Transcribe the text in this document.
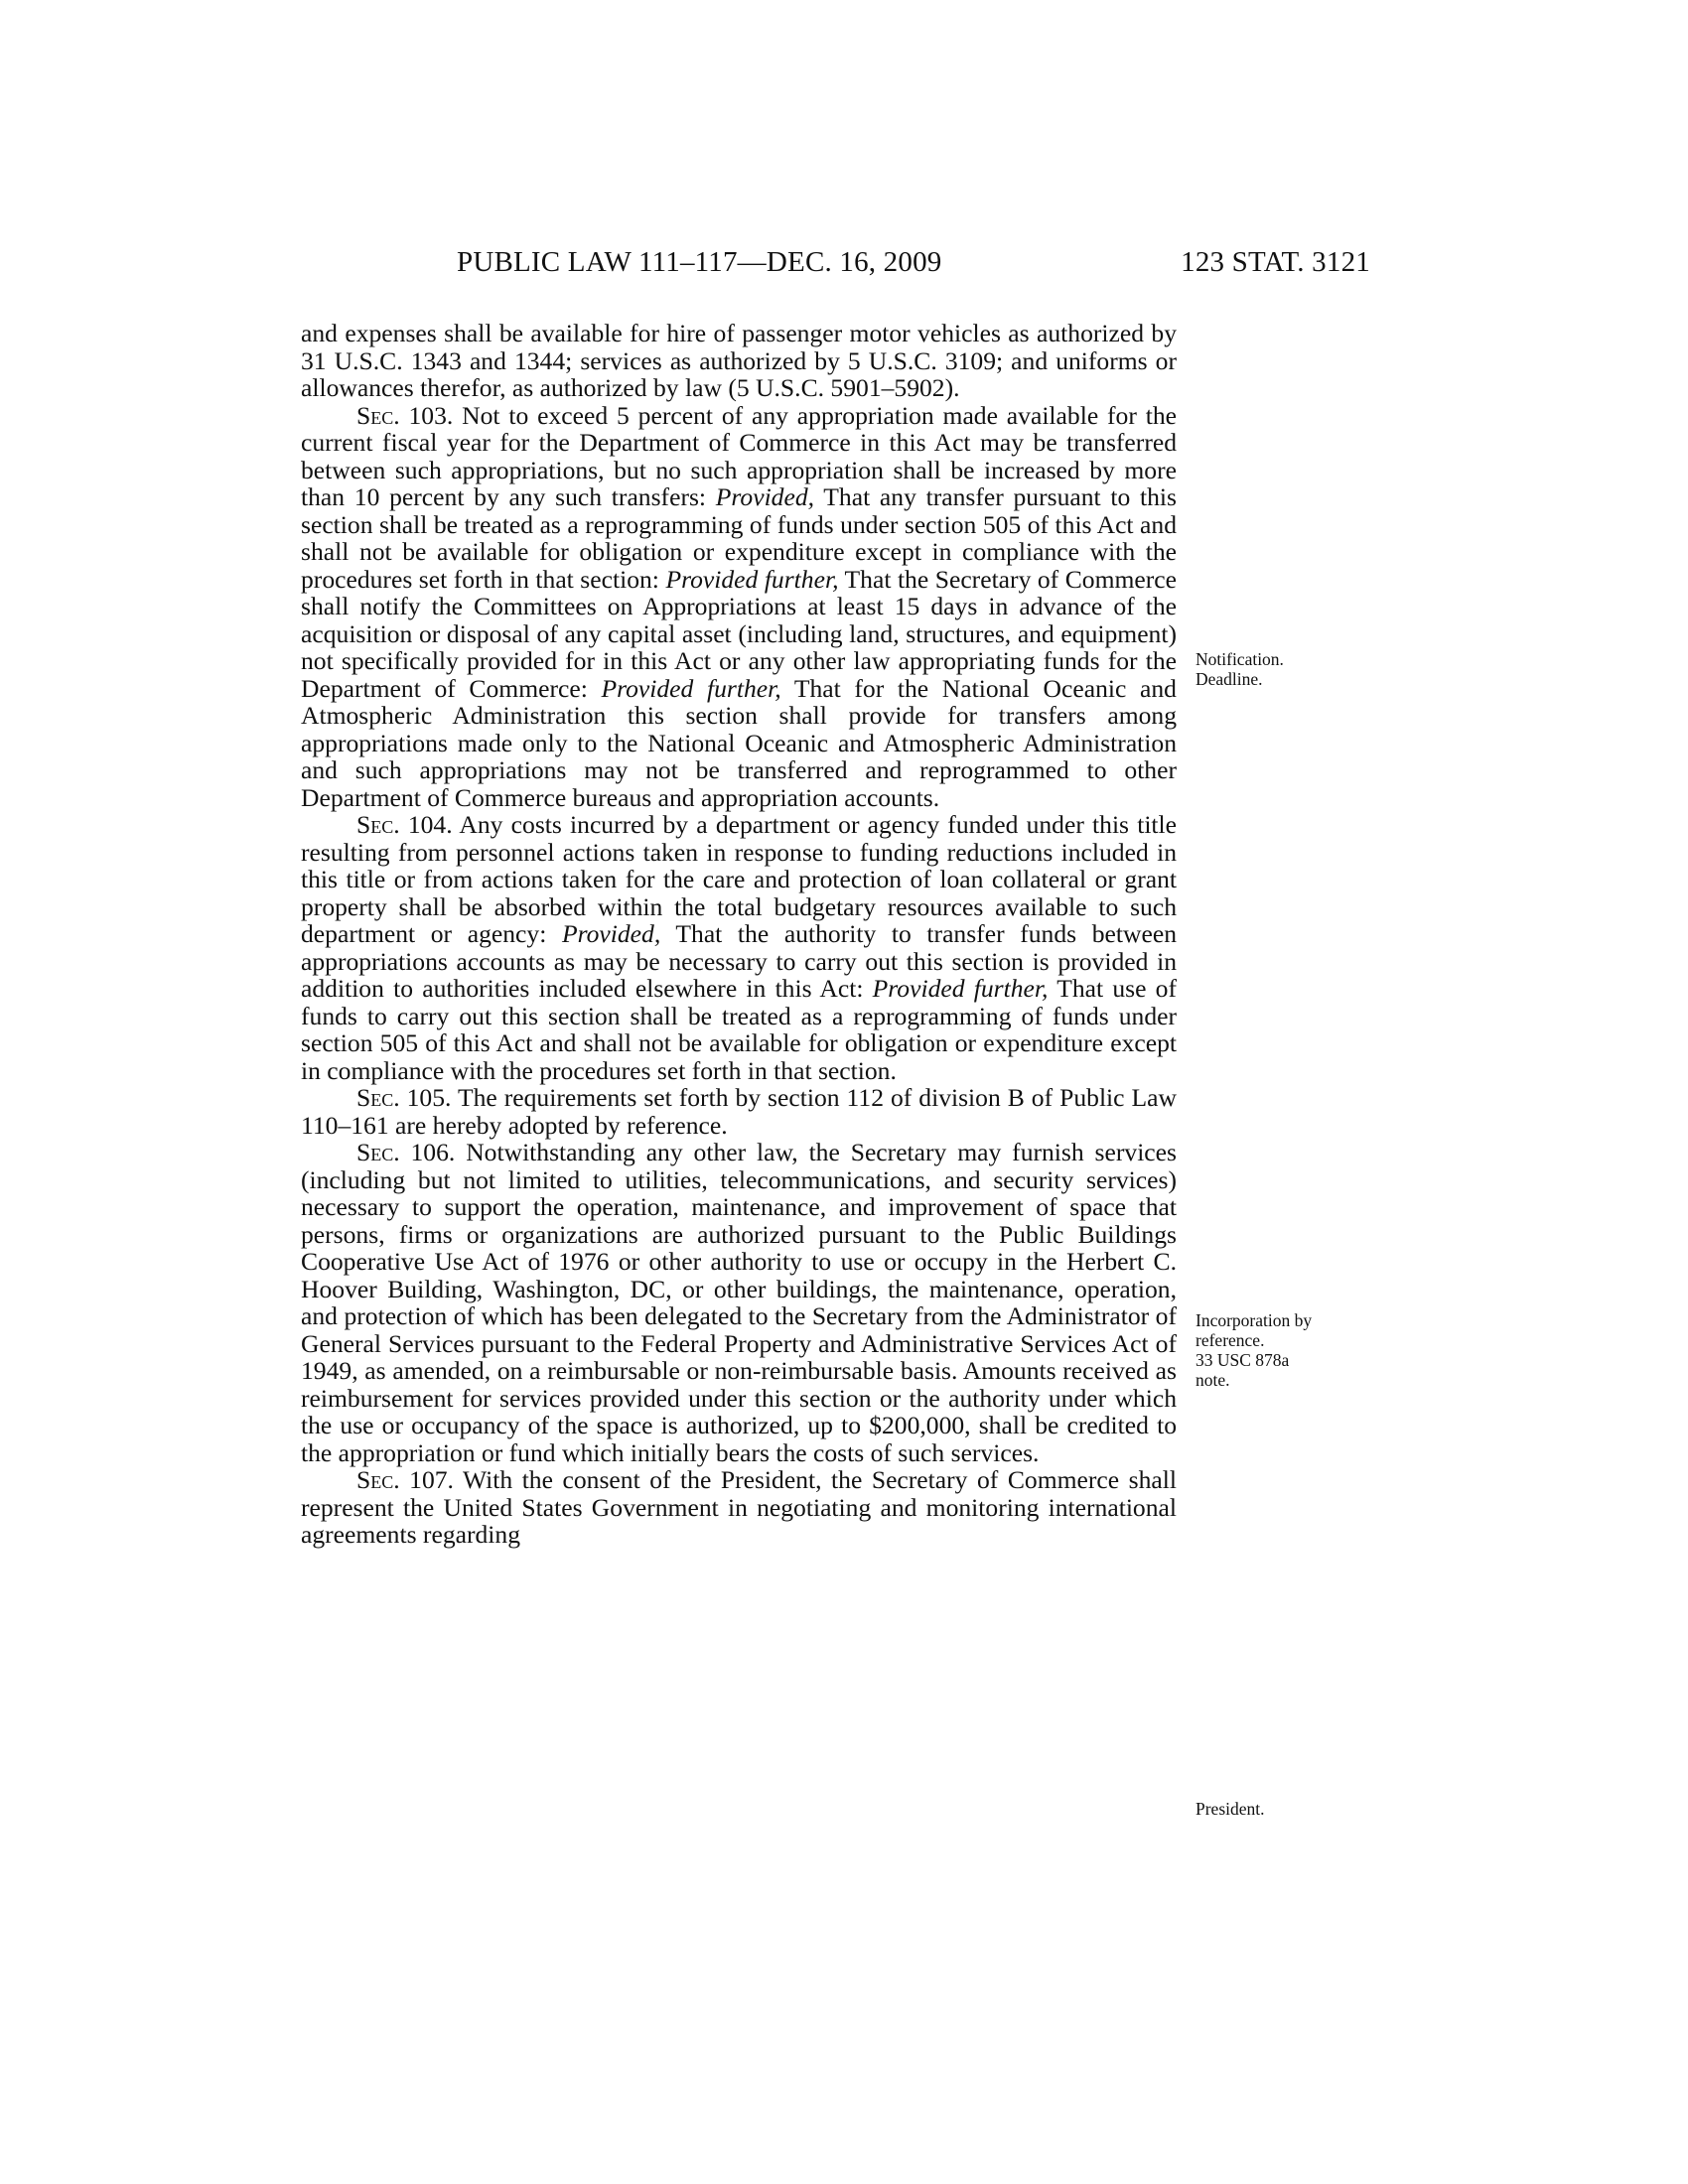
PUBLIC LAW 111–117—DEC. 16, 2009	123 STAT. 3121

and expenses shall be available for hire of passenger motor vehicles as authorized by 31 U.S.C. 1343 and 1344; services as authorized by 5 U.S.C. 3109; and uniforms or allowances therefor, as authorized by law (5 U.S.C. 5901–5902).

Sec. 103. Not to exceed 5 percent of any appropriation made available for the current fiscal year for the Department of Commerce in this Act may be transferred between such appropriations, but no such appropriation shall be increased by more than 10 percent by any such transfers: Provided, That any transfer pursuant to this section shall be treated as a reprogramming of funds under section 505 of this Act and shall not be available for obligation or expenditure except in compliance with the procedures set forth in that section: Provided further, That the Secretary of Commerce shall notify the Committees on Appropriations at least 15 days in advance of the acquisition or disposal of any capital asset (including land, structures, and equipment) not specifically provided for in this Act or any other law appropriating funds for the Department of Commerce: Provided further, That for the National Oceanic and Atmospheric Administration this section shall provide for transfers among appropriations made only to the National Oceanic and Atmospheric Administration and such appropriations may not be transferred and reprogrammed to other Department of Commerce bureaus and appropriation accounts.

Sec. 104. Any costs incurred by a department or agency funded under this title resulting from personnel actions taken in response to funding reductions included in this title or from actions taken for the care and protection of loan collateral or grant property shall be absorbed within the total budgetary resources available to such department or agency: Provided, That the authority to transfer funds between appropriations accounts as may be necessary to carry out this section is provided in addition to authorities included elsewhere in this Act: Provided further, That use of funds to carry out this section shall be treated as a reprogramming of funds under section 505 of this Act and shall not be available for obligation or expenditure except in compliance with the procedures set forth in that section.

Sec. 105. The requirements set forth by section 112 of division B of Public Law 110–161 are hereby adopted by reference.

Sec. 106. Notwithstanding any other law, the Secretary may furnish services (including but not limited to utilities, telecommunications, and security services) necessary to support the operation, maintenance, and improvement of space that persons, firms or organizations are authorized pursuant to the Public Buildings Cooperative Use Act of 1976 or other authority to use or occupy in the Herbert C. Hoover Building, Washington, DC, or other buildings, the maintenance, operation, and protection of which has been delegated to the Secretary from the Administrator of General Services pursuant to the Federal Property and Administrative Services Act of 1949, as amended, on a reimbursable or non-reimbursable basis. Amounts received as reimbursement for services provided under this section or the authority under which the use or occupancy of the space is authorized, up to $200,000, shall be credited to the appropriation or fund which initially bears the costs of such services.

Sec. 107. With the consent of the President, the Secretary of Commerce shall represent the United States Government in negotiating and monitoring international agreements regarding

Notification.
Deadline.
Incorporation by
reference.
33 USC 878a
note.
President.
